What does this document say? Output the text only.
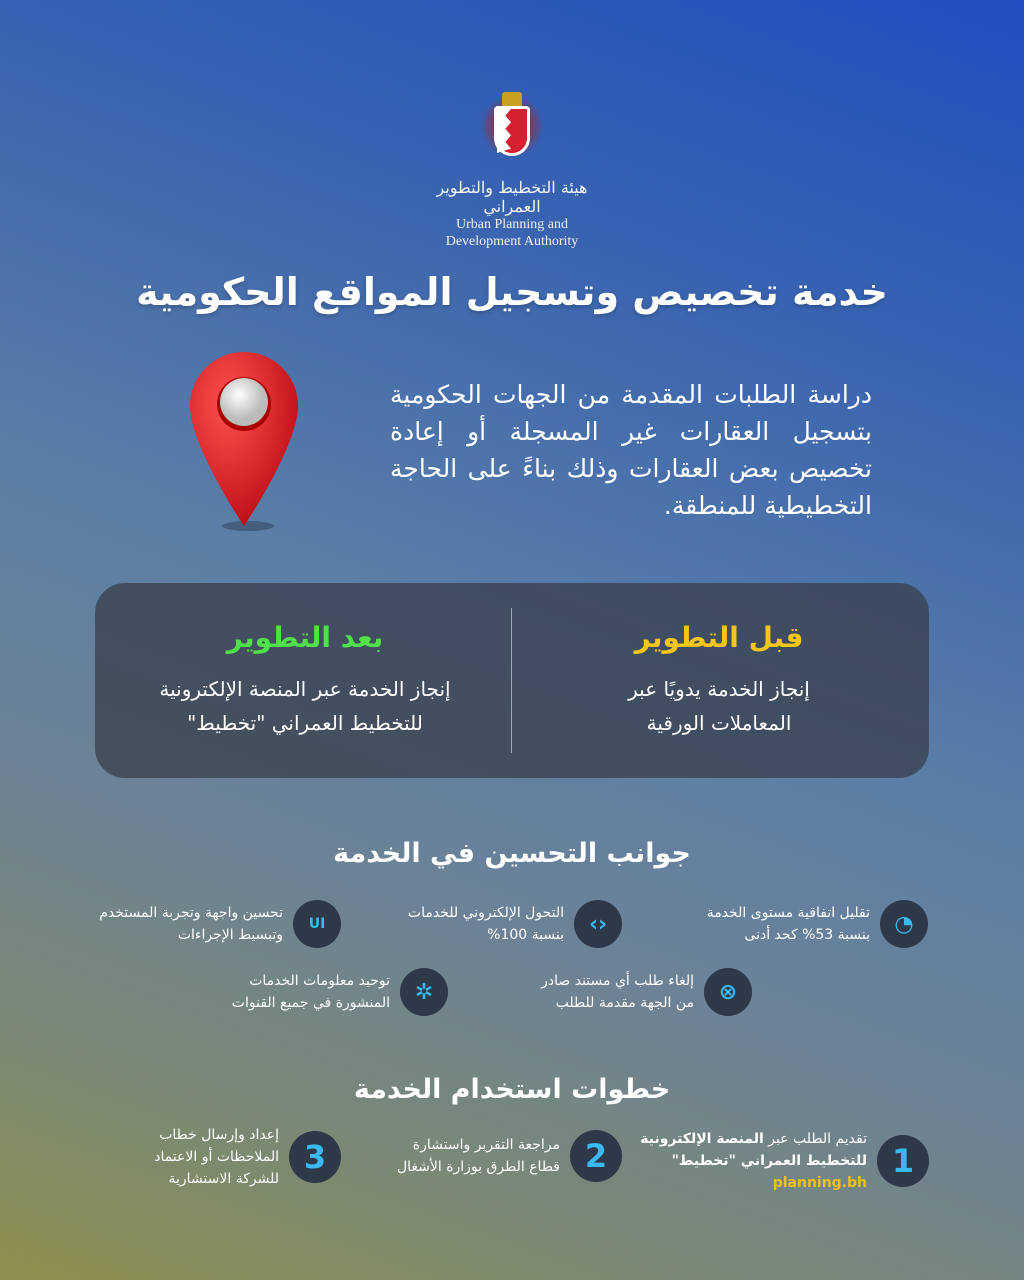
هيئة التخطيط والتطوير العمراني
Urban Planning and
Development Authority
خدمة تخصيص وتسجيل المواقع الحكومية
دراسة الطلبات المقدمة من الجهات الحكومية بتسجيل العقارات غير المسجلة أو إعادة تخصيص بعض العقارات وذلك بناءً على الحاجة التخطيطية للمنطقة.
قبل التطوير

إنجاز الخدمة يدويًا عبر المعاملات الورقية

بعد التطوير

إنجاز الخدمة عبر المنصة الإلكترونية للتخطيط العمراني "تخطيط"

جوانب التحسين في الخدمة
◔
تقليل اتفاقية مستوى الخدمة
بنسبة 53% كحد أدنى
‹›
التحول الإلكتروني للخدمات
بنسبة 100%
UI
تحسين واجهة وتجربة المستخدم
وتبسيط الإجراءات
⊗
إلغاء طلب أي مستند صادر
من الجهة مقدمة للطلب
✲
توحيد معلومات الخدمات
المنشورة في جميع القنوات
خطوات استخدام الخدمة
1
تقديم الطلب عبر المنصة الإلكترونية
للتخطيط العمراني "تخطيط"
planning.bh
2
مراجعة التقرير واستشارة
قطاع الطرق بوزارة الأشغال
3
إعداد وإرسال خطاب
الملاحظات أو الاعتماد
للشركة الاستشارية
